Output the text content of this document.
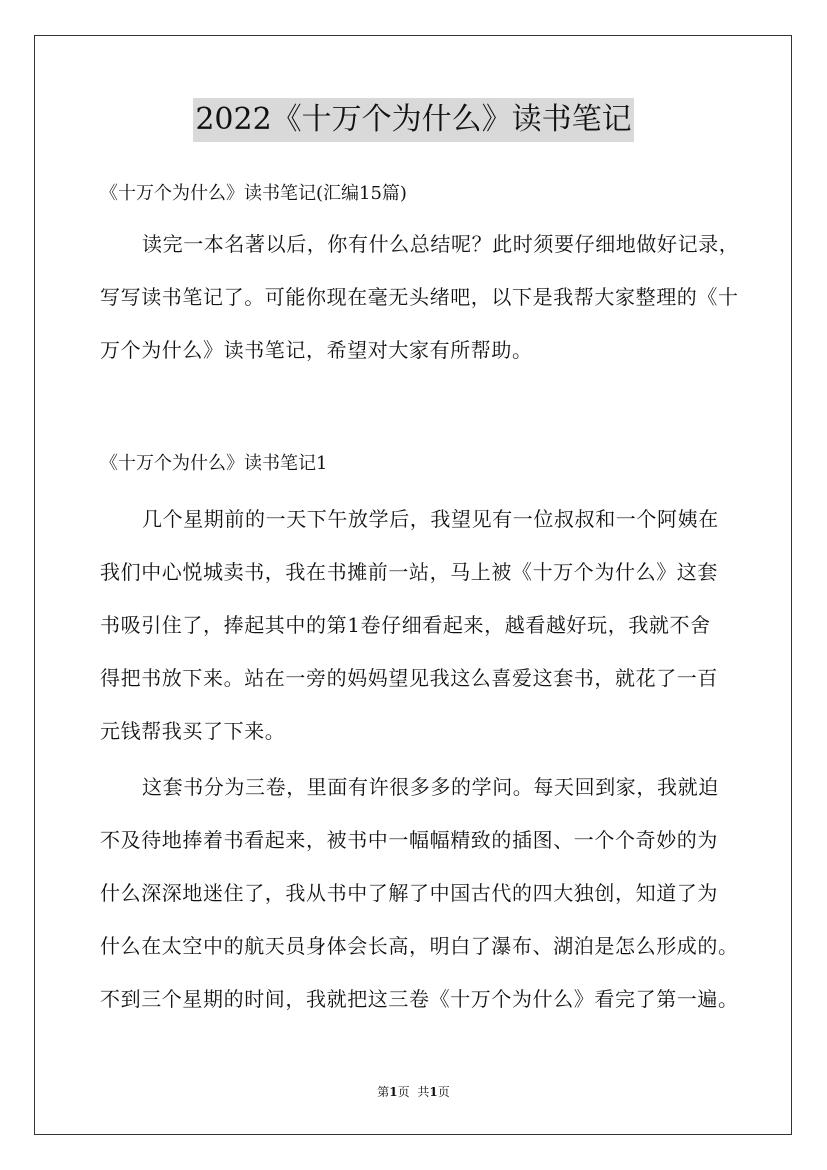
2022《十万个为什么》读书笔记
《十万个为什么》读书笔记(汇编15篇)
读完一本名著以后，你有什么总结呢？此时须要仔细地做好记录，
写写读书笔记了。可能你现在毫无头绪吧，以下是我帮大家整理的《十
万个为什么》读书笔记，希望对大家有所帮助。
《十万个为什么》读书笔记1
几个星期前的一天下午放学后，我望见有一位叔叔和一个阿姨在
我们中心悦城卖书，我在书摊前一站，马上被《十万个为什么》这套
书吸引住了，捧起其中的第1卷仔细看起来，越看越好玩，我就不舍
得把书放下来。站在一旁的妈妈望见我这么喜爱这套书，就花了一百
元钱帮我买了下来。
这套书分为三卷，里面有许很多多的学问。每天回到家，我就迫
不及待地捧着书看起来，被书中一幅幅精致的插图、一个个奇妙的为
什么深深地迷住了，我从书中了解了中国古代的四大独创，知道了为
什么在太空中的航天员身体会长高，明白了瀑布、湖泊是怎么形成的。
不到三个星期的时间，我就把这三卷《十万个为什么》看完了第一遍。
第1页 共1页
